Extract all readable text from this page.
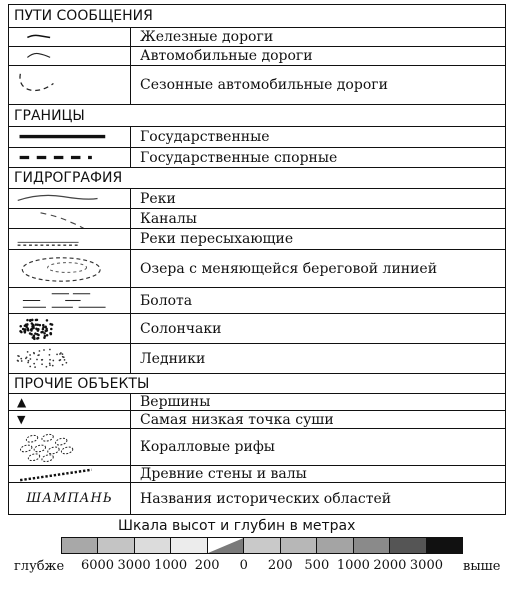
ПУТИ СООБЩЕНИЯ
Железные дороги
Автомобильные дороги
Сезонные автомобильные дороги
ГРАНИЦЫ
Государственные
Государственные спорные
ГИДРОГРАФИЯ
Реки
Каналы
Реки пересыхающие
Озера с меняющейся береговой линией
Болота
Солончаки
Ледники
ПРОЧИЕ ОБЪЕКТЫ
▲	Вершины
▼	Самая низкая точка суши
Коралловые рифы
Древние стены и валы
ШАМПАНЬ	Названия исторических областей
Шкала высот и глубин в метрах
глубже	выше
6000 3000 1000 200 0 200 500 1000 2000 3000
